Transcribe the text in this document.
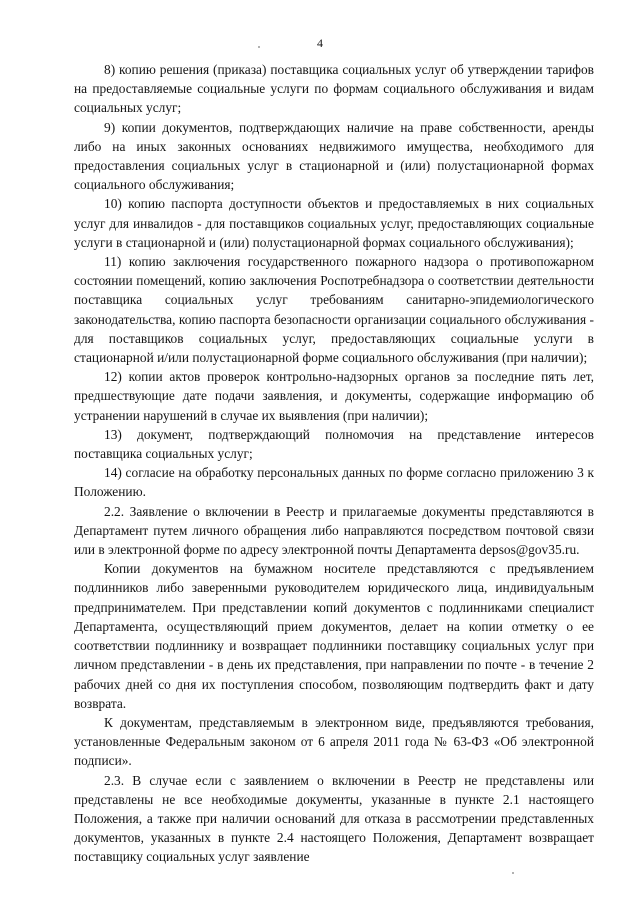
4

8) копию решения (приказа) поставщика социальных услуг об утверждении тарифов на предоставляемые социальные услуги по формам социального обслуживания и видам социальных услуг;

9) копии документов, подтверждающих наличие на праве собственности, аренды либо на иных законных основаниях недвижимого имущества, необходимого для предоставления социальных услуг в стационарной и (или) полустационарной формах социального обслуживания;

10) копию паспорта доступности объектов и предоставляемых в них социальных услуг для инвалидов - для поставщиков социальных услуг, предоставляющих социальные услуги в стационарной и (или) полустационарной формах социального обслуживания);

11) копию заключения государственного пожарного надзора о противопожарном состоянии помещений, копию заключения Роспотребнадзора о соответствии деятельности поставщика социальных услуг требованиям санитарно-эпидемиологического законодательства, копию паспорта безопасности организации социального обслуживания - для поставщиков социальных услуг, предоставляющих социальные услуги в стационарной и/или полустационарной форме социального обслуживания (при наличии);

12) копии актов проверок контрольно-надзорных органов за последние пять лет, предшествующие дате подачи заявления, и документы, содержащие информацию об устранении нарушений в случае их выявления (при наличии);

13) документ, подтверждающий полномочия на представление интересов поставщика социальных услуг;

14) согласие на обработку персональных данных по форме согласно приложению 3 к Положению.

2.2. Заявление о включении в Реестр и прилагаемые документы представляются в Департамент путем личного обращения либо направляются посредством почтовой связи или в электронной форме по адресу электронной почты Департамента depsos@gov35.ru.

Копии документов на бумажном носителе представляются с предъявлением подлинников либо заверенными руководителем юридического лица, индивидуальным предпринимателем. При представлении копий документов с подлинниками специалист Департамента, осуществляющий прием документов, делает на копии отметку о ее соответствии подлиннику и возвращает подлинники поставщику социальных услуг при личном представлении - в день их представления, при направлении по почте - в течение 2 рабочих дней со дня их поступления способом, позволяющим подтвердить факт и дату возврата.

К документам, представляемым в электронном виде, предъявляются требования, установленные Федеральным законом от 6 апреля 2011 года № 63-ФЗ «Об электронной подписи».

2.3. В случае если с заявлением о включении в Реестр не представлены или представлены не все необходимые документы, указанные в пункте 2.1 настоящего Положения, а также при наличии оснований для отказа в рассмотрении представленных документов, указанных в пункте 2.4 настоящего Положения, Департамент возвращает поставщику социальных услуг заявление
